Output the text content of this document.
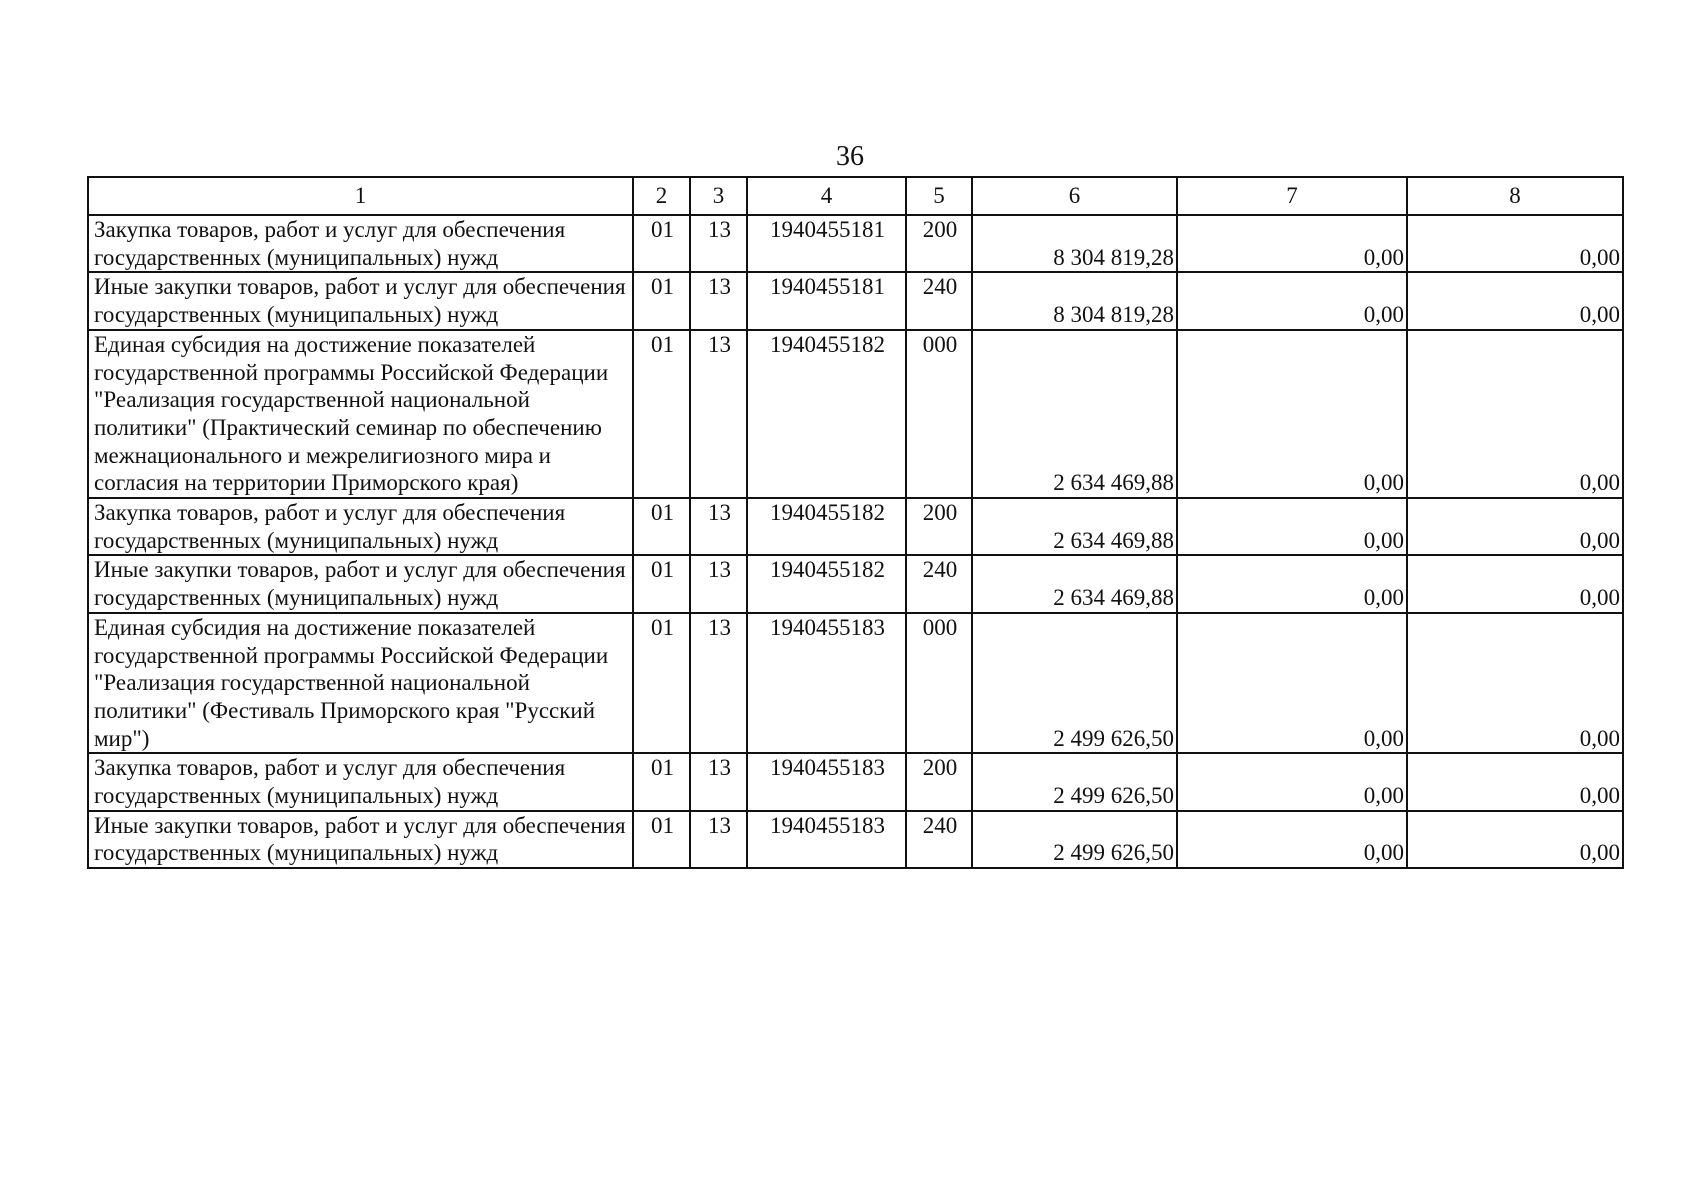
36
1	2	3	4	5	6	7	8
Закупка товаров, работ и услуг для обеспечения государственных (муниципальных) нужд	01	13	1940455181	200	8 304 819,28	0,00	0,00
Иные закупки товаров, работ и услуг для обеспечения государственных (муниципальных) нужд	01	13	1940455181	240	8 304 819,28	0,00	0,00
Единая субсидия на достижение показателей государственной программы Российской Федерации "Реализация государственной национальной политики" (Практический семинар по обеспечению межнационального и межрелигиозного мира и согласия на территории Приморского края)	01	13	1940455182	000	2 634 469,88	0,00	0,00
Закупка товаров, работ и услуг для обеспечения государственных (муниципальных) нужд	01	13	1940455182	200	2 634 469,88	0,00	0,00
Иные закупки товаров, работ и услуг для обеспечения государственных (муниципальных) нужд	01	13	1940455182	240	2 634 469,88	0,00	0,00
Единая субсидия на достижение показателей государственной программы Российской Федерации "Реализация государственной национальной политики" (Фестиваль Приморского края "Русский мир")	01	13	1940455183	000	2 499 626,50	0,00	0,00
Закупка товаров, работ и услуг для обеспечения государственных (муниципальных) нужд	01	13	1940455183	200	2 499 626,50	0,00	0,00
Иные закупки товаров, работ и услуг для обеспечения государственных (муниципальных) нужд	01	13	1940455183	240	2 499 626,50	0,00	0,00
